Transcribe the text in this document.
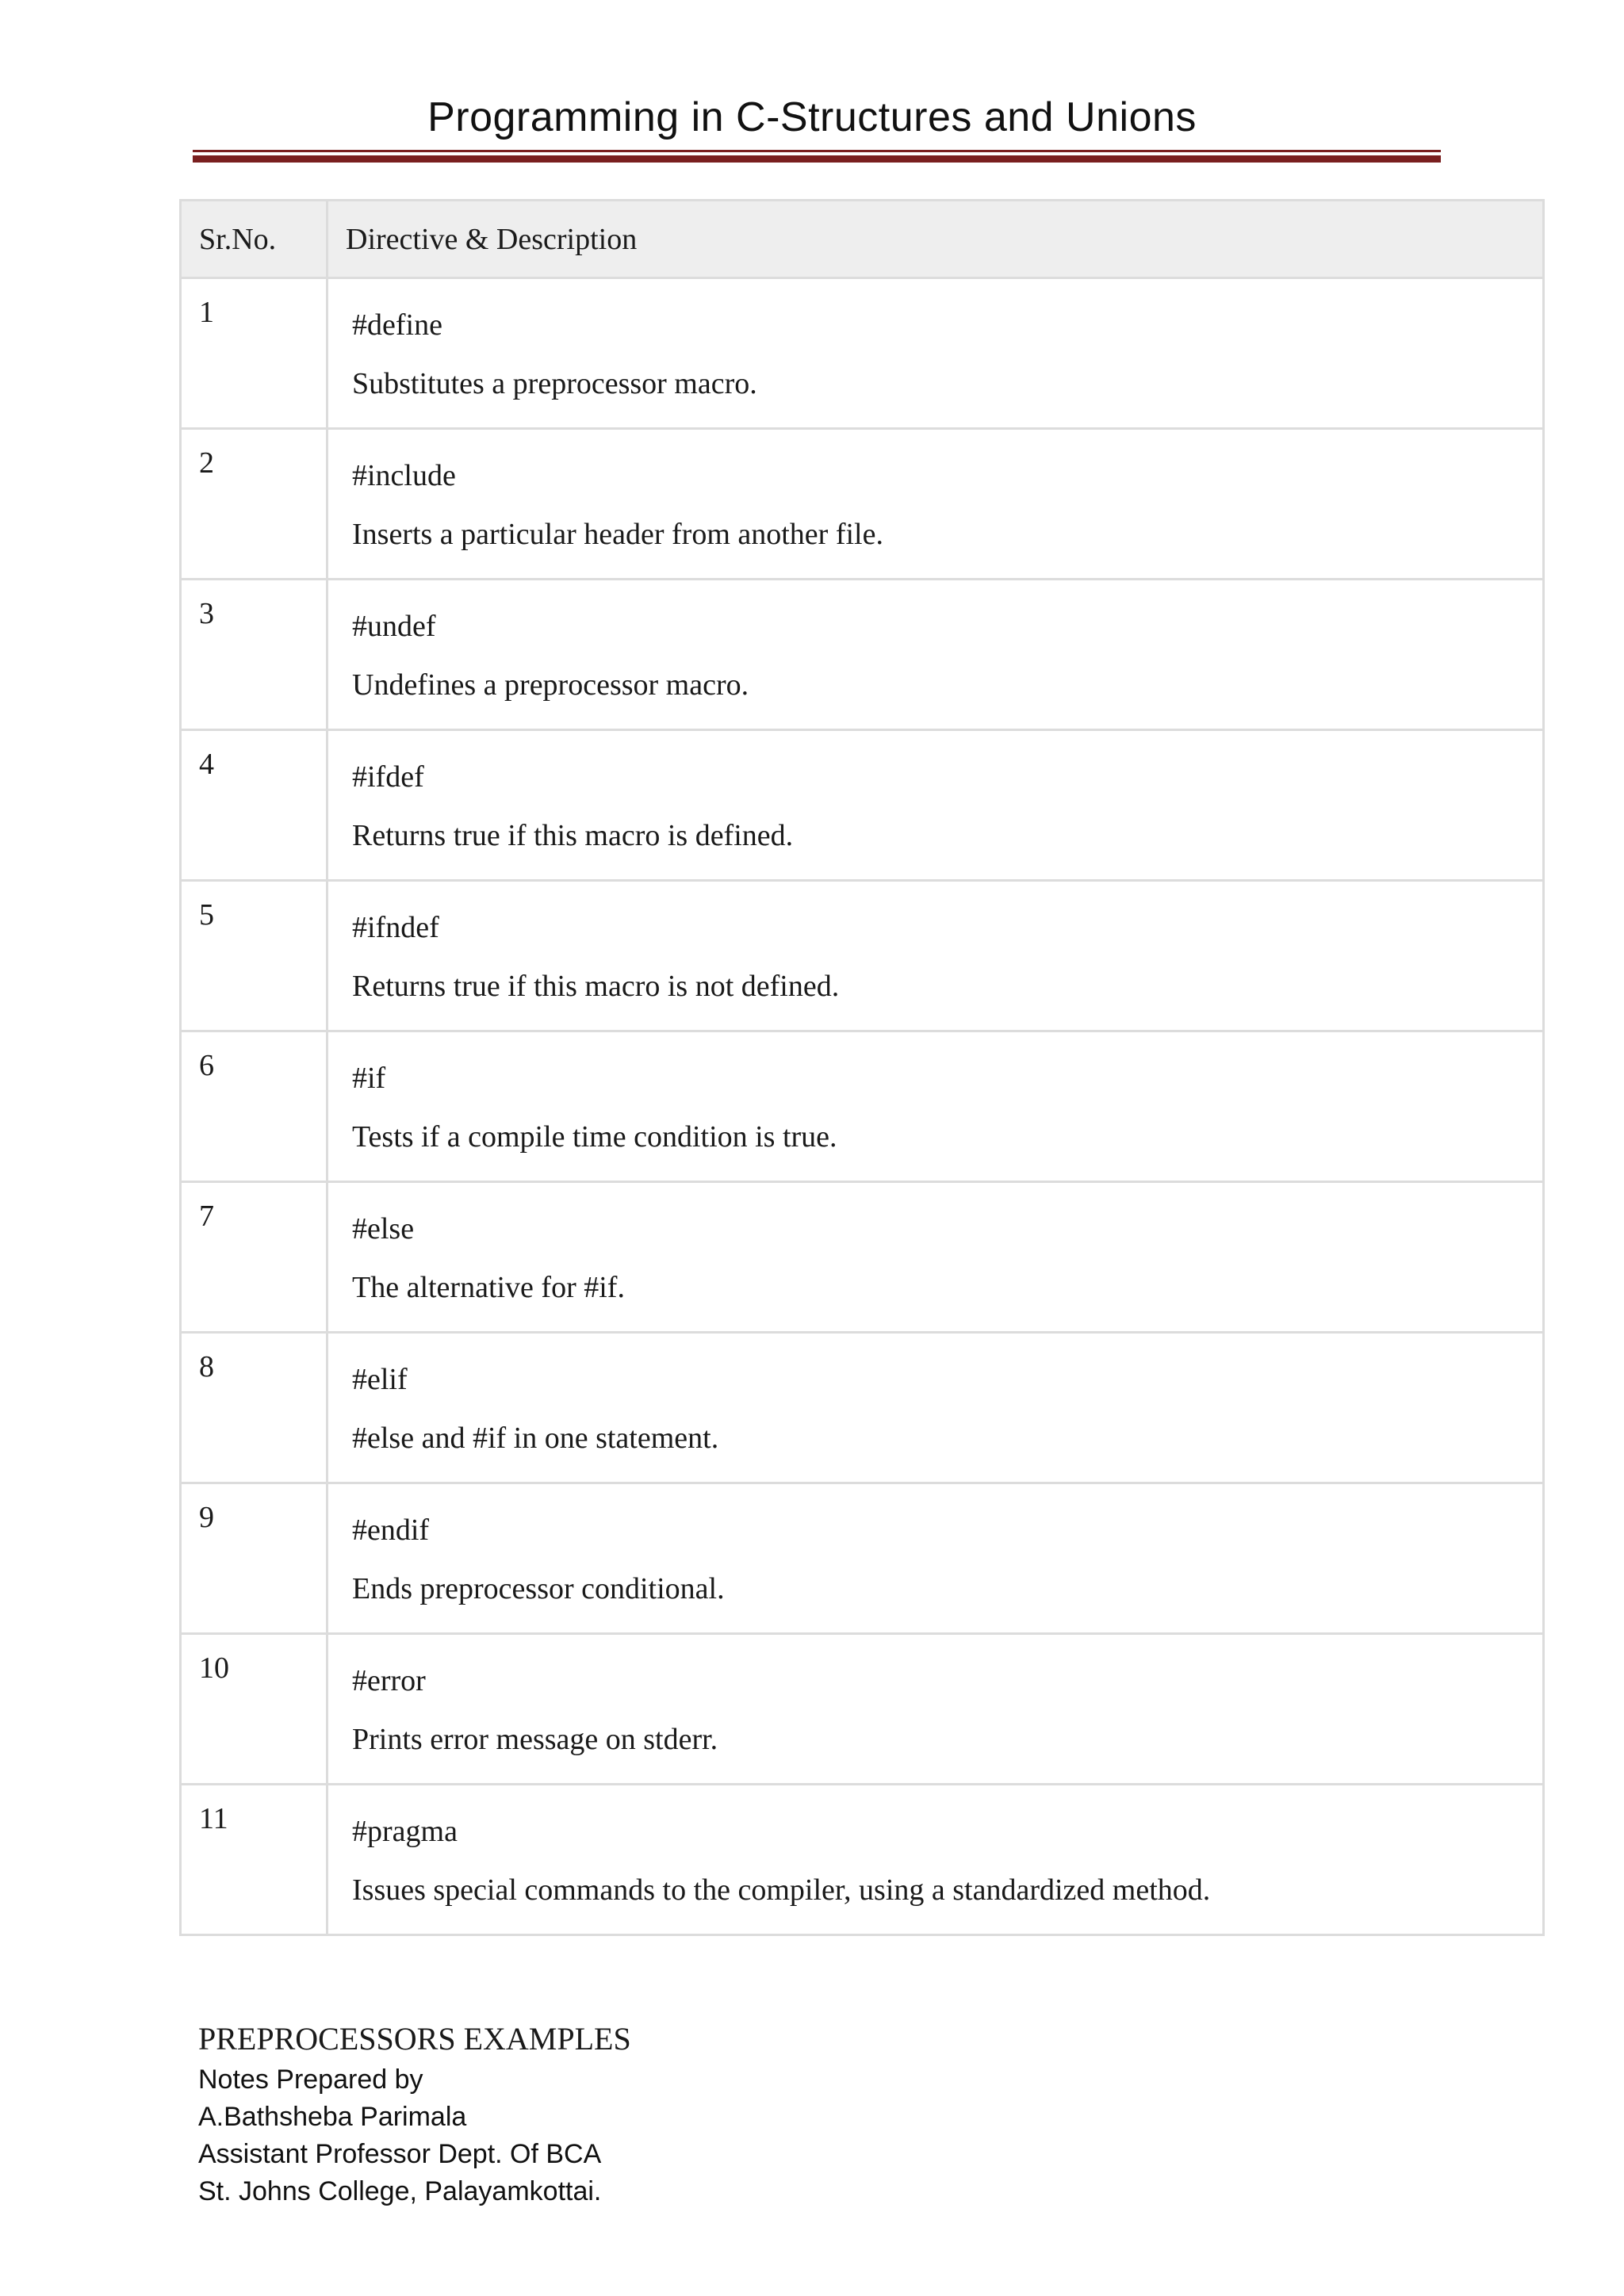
Programming in C-Structures and Unions
Sr.No.	Directive & Description
1	#define
Substitutes a preprocessor macro.

2	#include
Inserts a particular header from another file.

3	#undef
Undefines a preprocessor macro.

4	#ifdef
Returns true if this macro is defined.

5	#ifndef
Returns true if this macro is not defined.

6	#if
Tests if a compile time condition is true.

7	#else
The alternative for #if.

8	#elif
#else and #if in one statement.

9	#endif
Ends preprocessor conditional.

10	#error
Prints error message on stderr.

11	#pragma
Issues special commands to the compiler, using a standardized method.
PREPROCESSORS EXAMPLES
Notes Prepared by
A.Bathsheba Parimala
Assistant Professor Dept. Of BCA
St. Johns College, Palayamkottai.
